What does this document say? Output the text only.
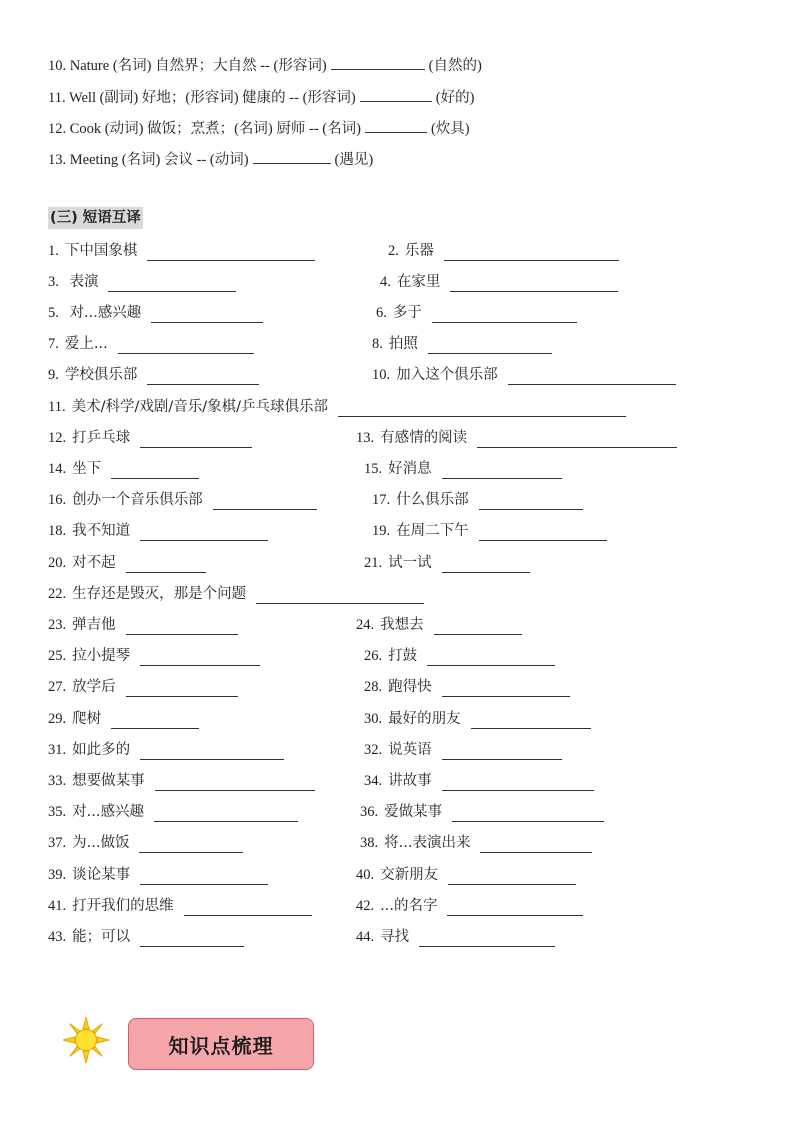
10. Nature (名词) 自然界；大自然 -- (形容词)	(自然的)
11. Well (副词) 好地；(形容词) 健康的 -- (形容词)	(好的)
12. Cook (动词) 做饭；烹煮；(名词) 厨师 -- (名词)	(炊具)
13. Meeting (名词) 会议 -- (动词)	(遇见)
(三) 短语互译
1. 下中国象棋	2. 乐器
3. 表演	4. 在家里
5. 对...感兴趣	6. 多于
7. 爱上...	8. 拍照
9. 学校俱乐部	10. 加入这个俱乐部
11. 美术/科学/戏剧/音乐/象棋/乒乓球俱乐部
12. 打乒乓球	13. 有感情的阅读
14. 坐下	15. 好消息
16. 创办一个音乐俱乐部	17. 什么俱乐部
18. 我不知道	19. 在周二下午
20. 对不起	21. 试一试
22. 生存还是毁灭，那是个问题
23. 弹吉他	24. 我想去
25. 拉小提琴	26. 打鼓
27. 放学后	28. 跑得快
29. 爬树	30. 最好的朋友
31. 如此多的	32. 说英语
33. 想要做某事	34. 讲故事
35. 对...感兴趣	36. 爱做某事
37. 为...做饭	38. 将...表演出来
39. 谈论某事	40. 交新朋友
41. 打开我们的思维	42. ...的名字
43. 能；可以	44. 寻找
知识点梳理
